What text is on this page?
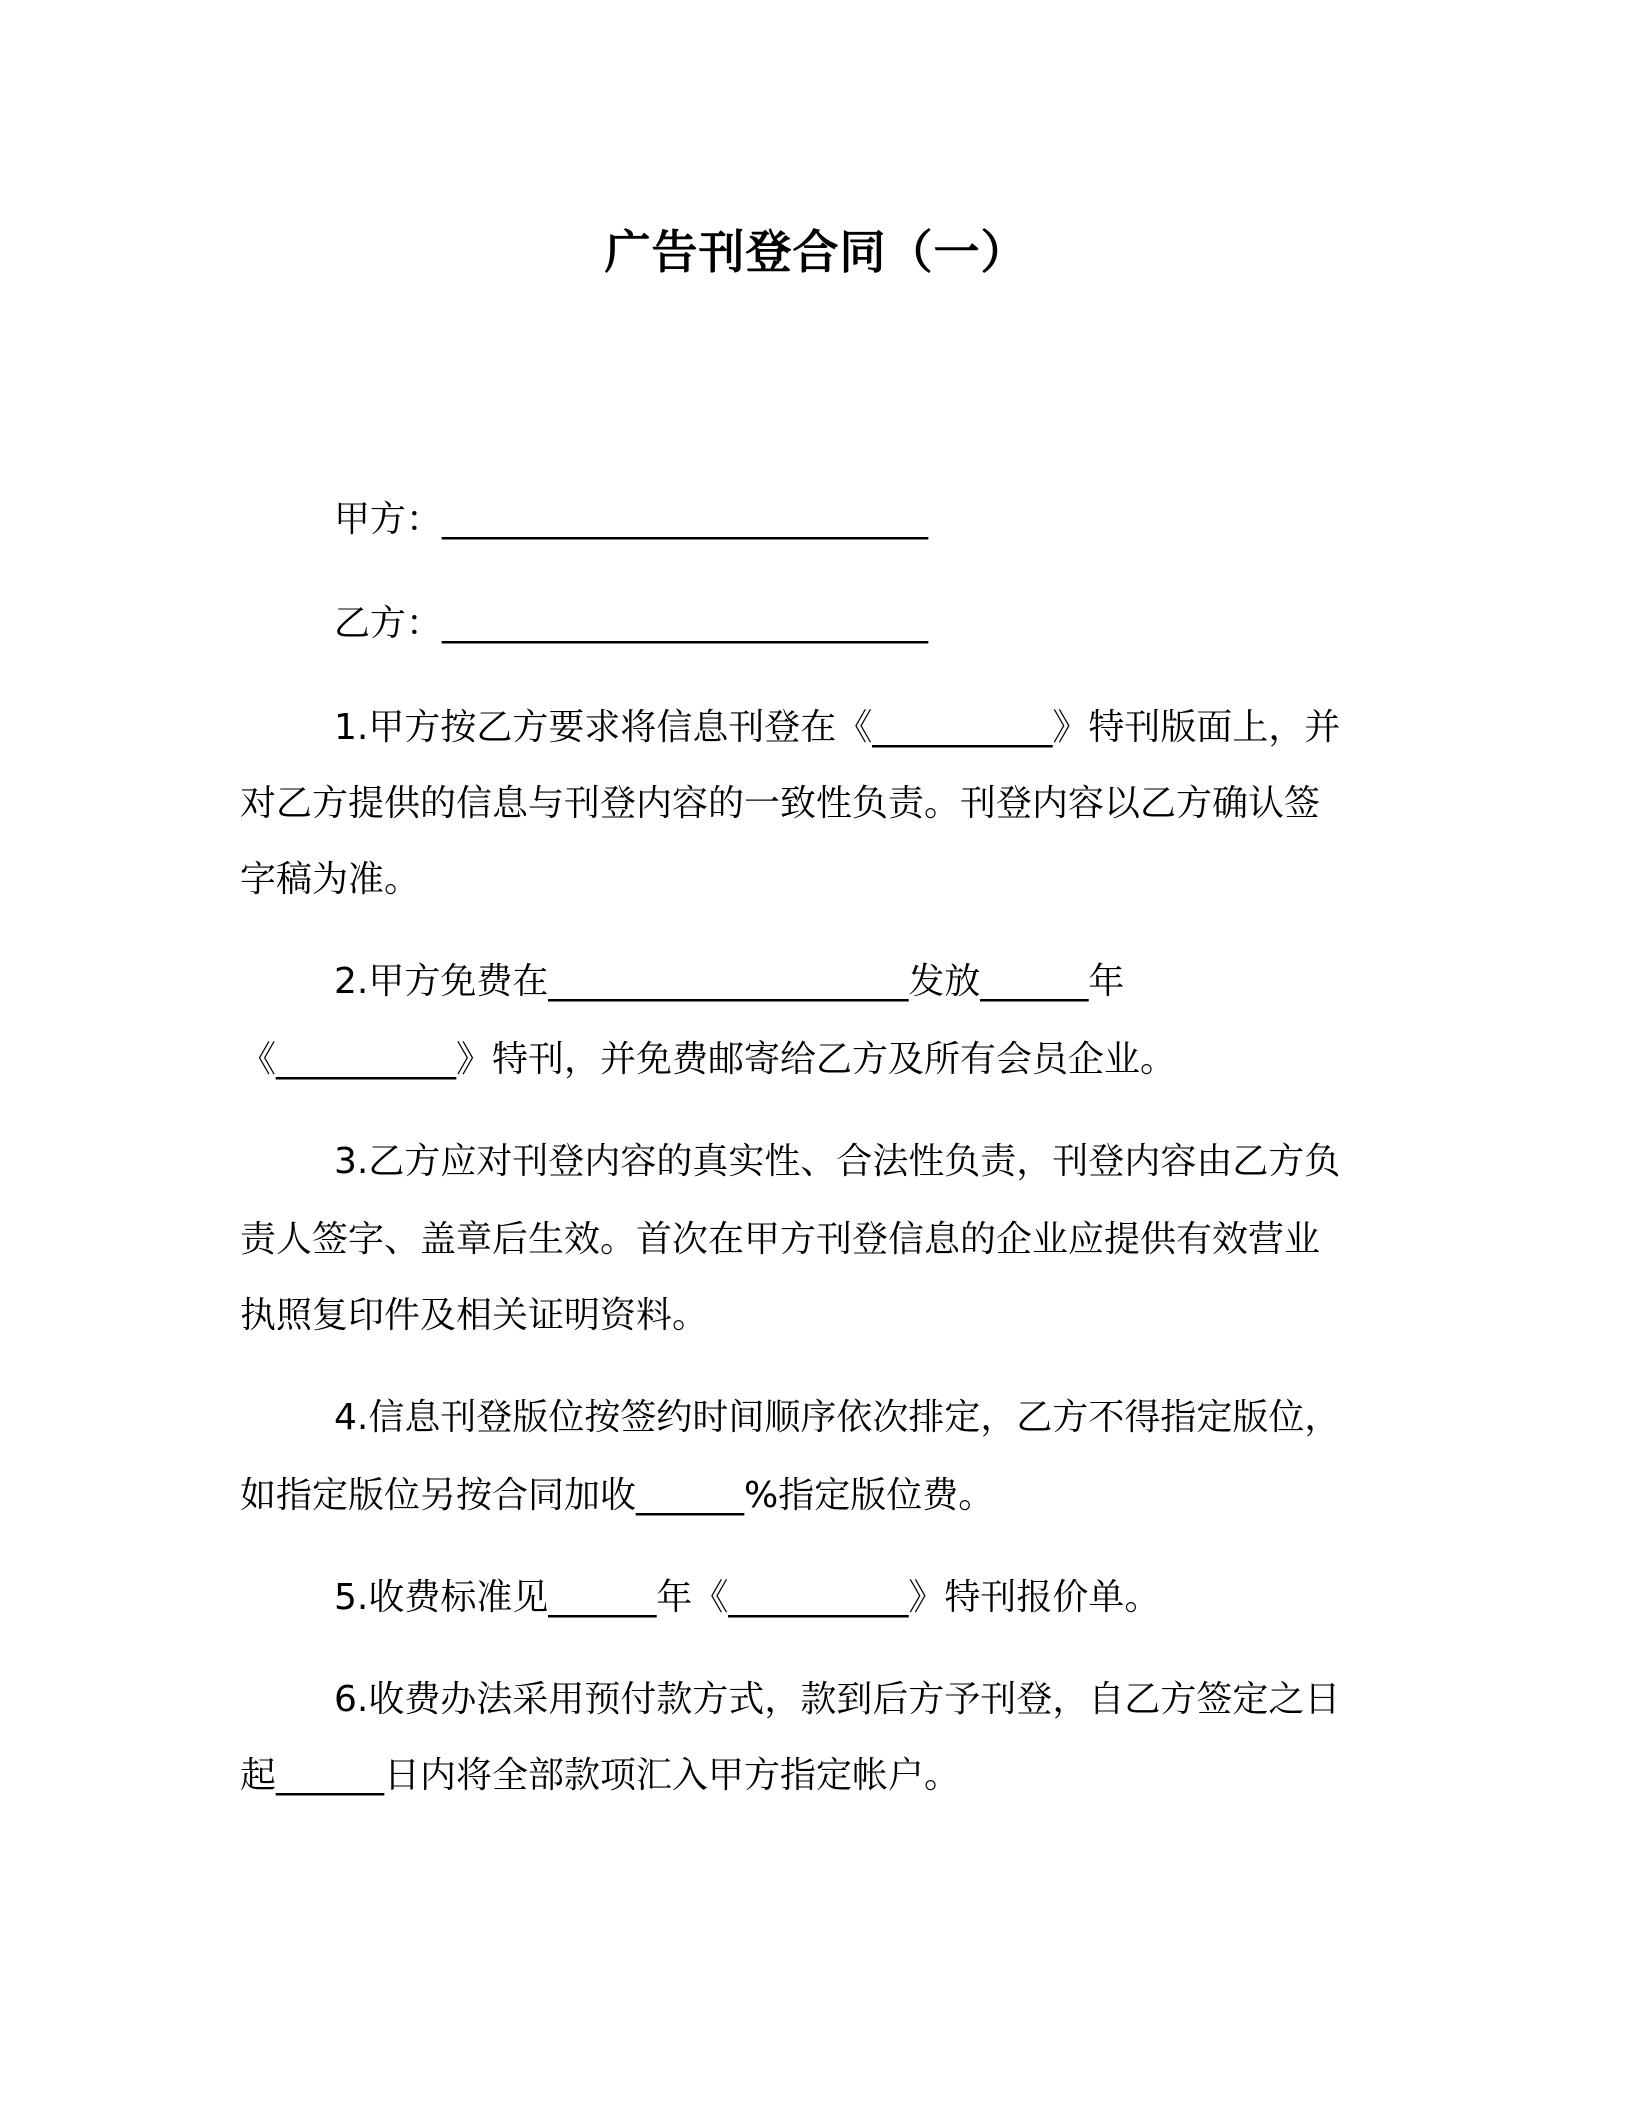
广告刊登合同（一）
甲方：___________________________
乙方：___________________________
1.甲方按乙方要求将信息刊登在《__________》特刊版面上，并
对乙方提供的信息与刊登内容的一致性负责。刊登内容以乙方确认签
字稿为准。
2.甲方免费在____________________发放______年
《__________》特刊，并免费邮寄给乙方及所有会员企业。
3.乙方应对刊登内容的真实性、合法性负责，刊登内容由乙方负
责人签字、盖章后生效。首次在甲方刊登信息的企业应提供有效营业
执照复印件及相关证明资料。
4.信息刊登版位按签约时间顺序依次排定，乙方不得指定版位，
如指定版位另按合同加收______%指定版位费。
5.收费标准见______年《__________》特刊报价单。
6.收费办法采用预付款方式，款到后方予刊登，自乙方签定之日
起______日内将全部款项汇入甲方指定帐户。
